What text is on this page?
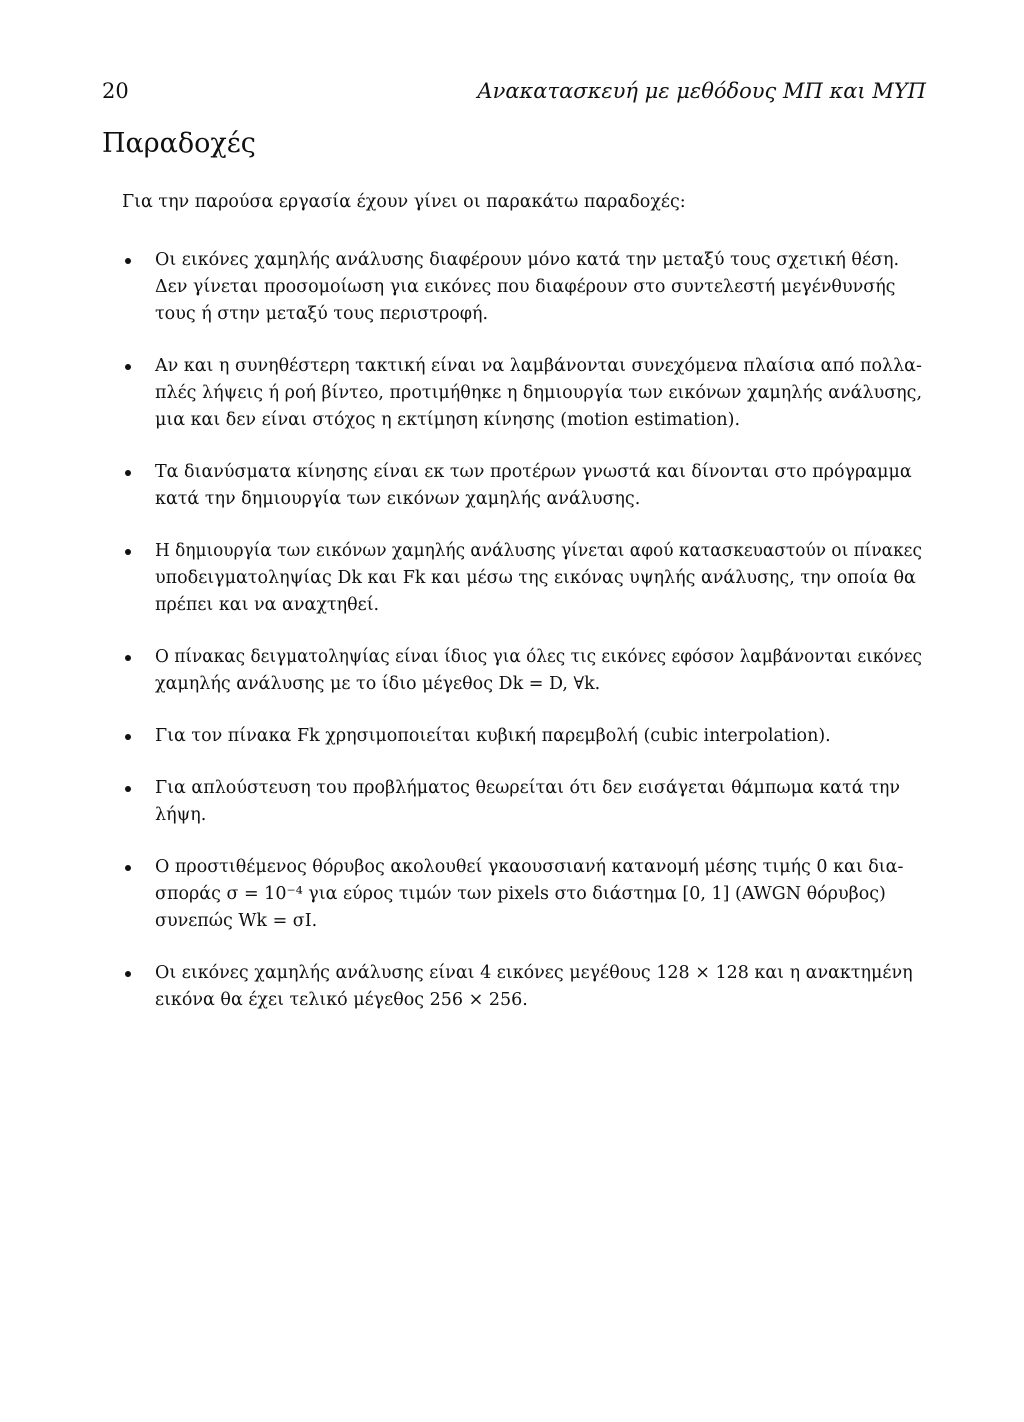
20	Ανακατασκευή με μεθόδους ΜΠ και ΜΥΠ
Παραδοχές

Για την παρούσα εργασία έχουν γίνει οι παρακάτω παραδοχές:

Οι εικόνες χαμηλής ανάλυσης διαφέρουν μόνο κατά την μεταξύ τους σχετική θέση.
Δεν γίνεται προσομοίωση για εικόνες που διαφέρουν στο συντελεστή μεγένθυνσής
τους ή στην μεταξύ τους περιστροφή.
Αν και η συνηθέστερη τακτική είναι να λαμβάνονται συνεχόμενα πλαίσια από πολλα-
πλές λήψεις ή ροή βίντεο, προτιμήθηκε η δημιουργία των εικόνων χαμηλής ανάλυσης,
μια και δεν είναι στόχος η εκτίμηση κίνησης (motion estimation).
Τα διανύσματα κίνησης είναι εκ των προτέρων γνωστά και δίνονται στο πρόγραμμα
κατά την δημιουργία των εικόνων χαμηλής ανάλυσης.
Η δημιουργία των εικόνων χαμηλής ανάλυσης γίνεται αφού κατασκευαστούν οι πίνακες
υποδειγματοληψίας Dk και Fk και μέσω της εικόνας υψηλής ανάλυσης, την οποία θα
πρέπει και να αναχτηθεί.
Ο πίνακας δειγματοληψίας είναι ίδιος για όλες τις εικόνες εφόσον λαμβάνονται εικόνες
χαμηλής ανάλυσης με το ίδιο μέγεθος Dk = D, ∀k.
Για τον πίνακα Fk χρησιμοποιείται κυβική παρεμβολή (cubic interpolation).
Για απλούστευση του προβλήματος θεωρείται ότι δεν εισάγεται θάμπωμα κατά την
λήψη.
Ο προστιθέμενος θόρυβος ακολουθεί γκαουσσιανή κατανομή μέσης τιμής 0 και δια-
σποράς σ = 10⁻⁴ για εύρος τιμών των pixels στο διάστημα [0, 1] (AWGN θόρυβος)
συνεπώς Wk = σI.
Οι εικόνες χαμηλής ανάλυσης είναι 4 εικόνες μεγέθους 128 × 128 και η ανακτημένη
εικόνα θα έχει τελικό μέγεθος 256 × 256.
